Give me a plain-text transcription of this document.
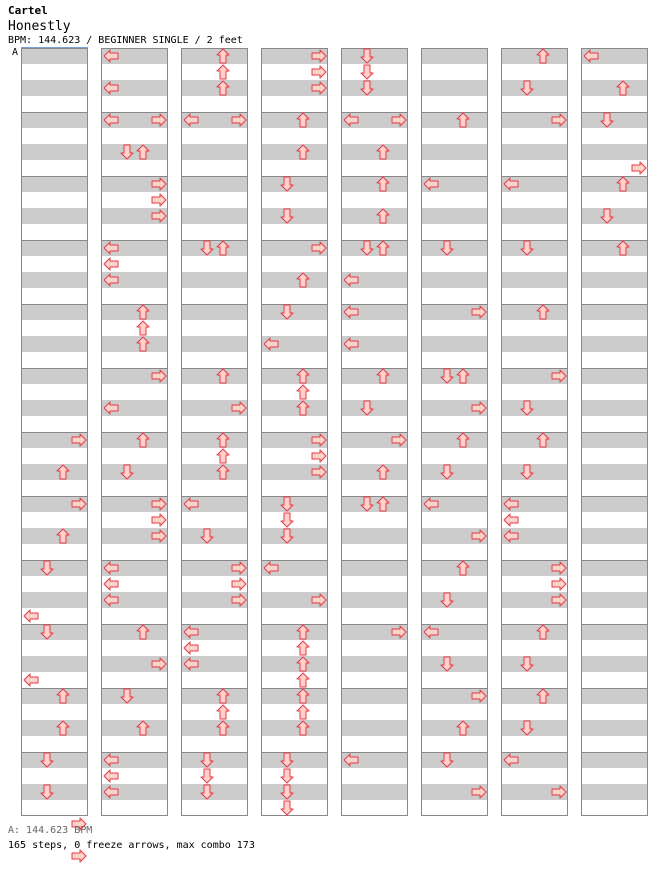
Cartel
Honestly
BPM: 144.623 / BEGINNER SINGLE / 2 feet
A
A: 144.623 BPM
165 steps, 0 freeze arrows, max combo 173
